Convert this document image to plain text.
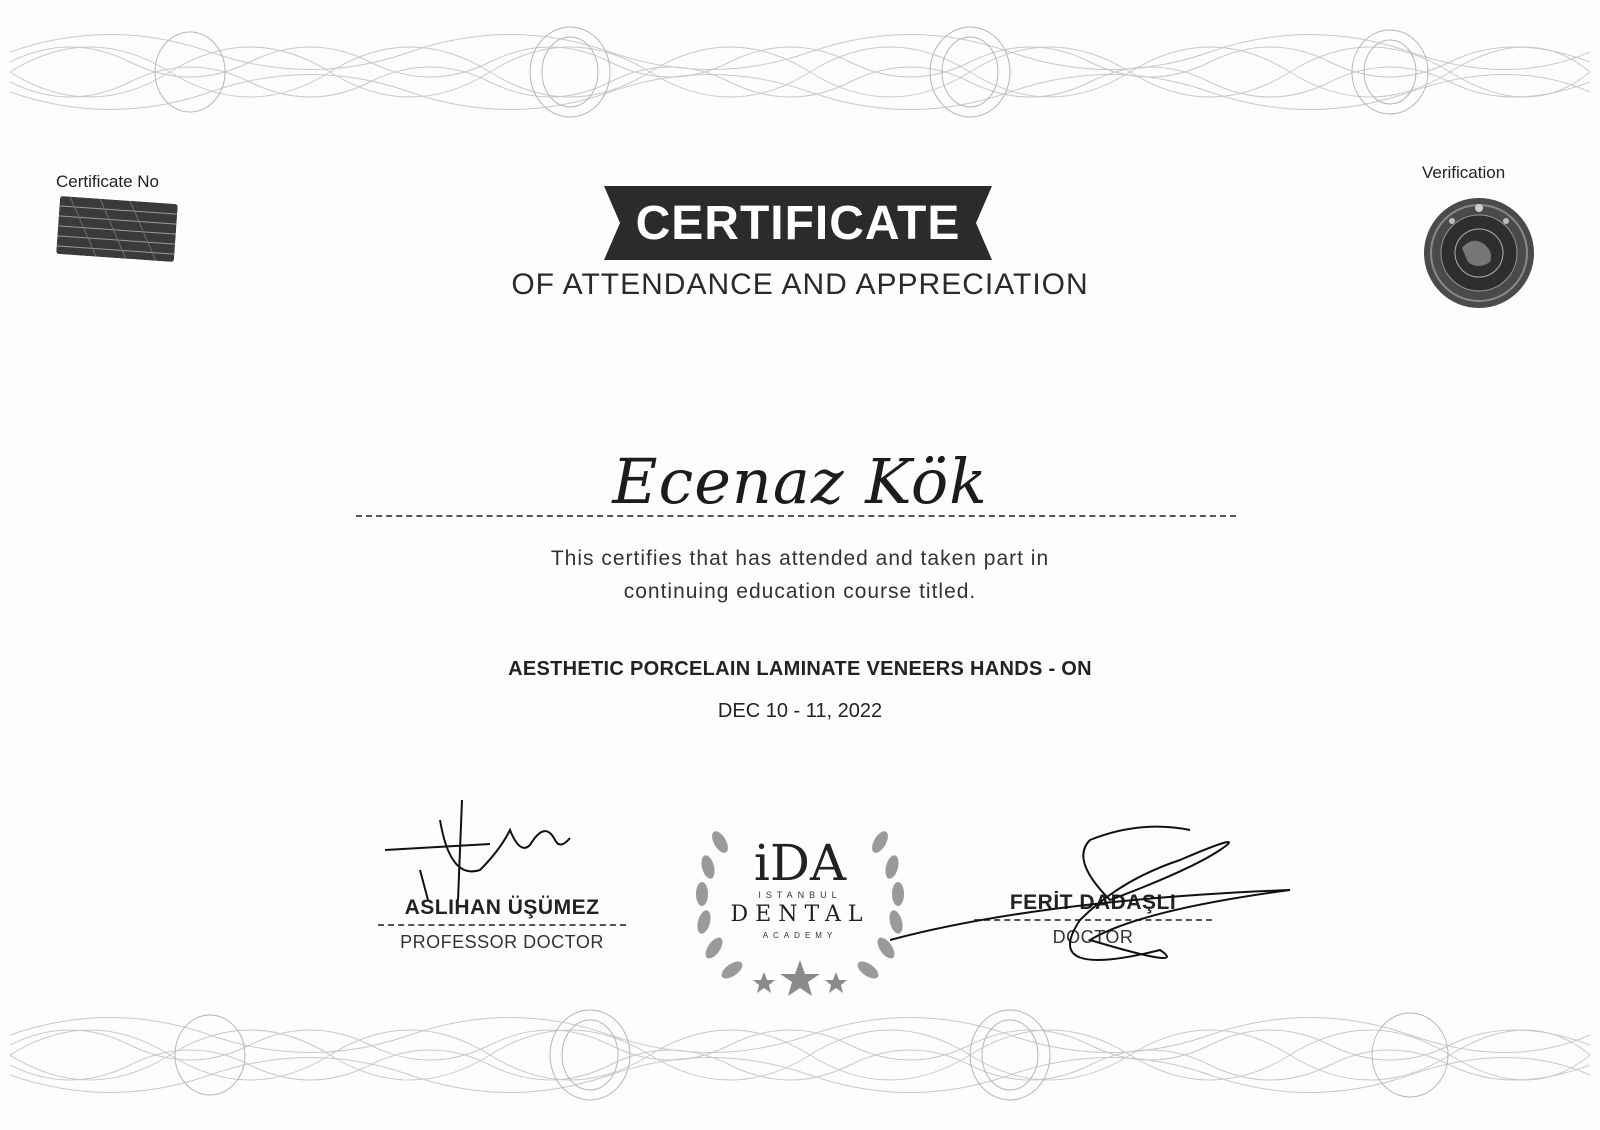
Certificate No	Verification
CERTIFICATE
OF ATTENDANCE AND APPRECIATION
Ecenaz Kök
This certifies that has attended and taken part in
continuing education course titled.
AESTHETIC PORCELAIN LAMINATE VENEERS HANDS - ON
DEC 10 - 11, 2022
ASLIHAN ÜŞÜMEZ
PROFESSOR DOCTOR
iDA
ISTANBUL
DENTAL
ACADEMY
FERİT DADAŞLI
DOCTOR
